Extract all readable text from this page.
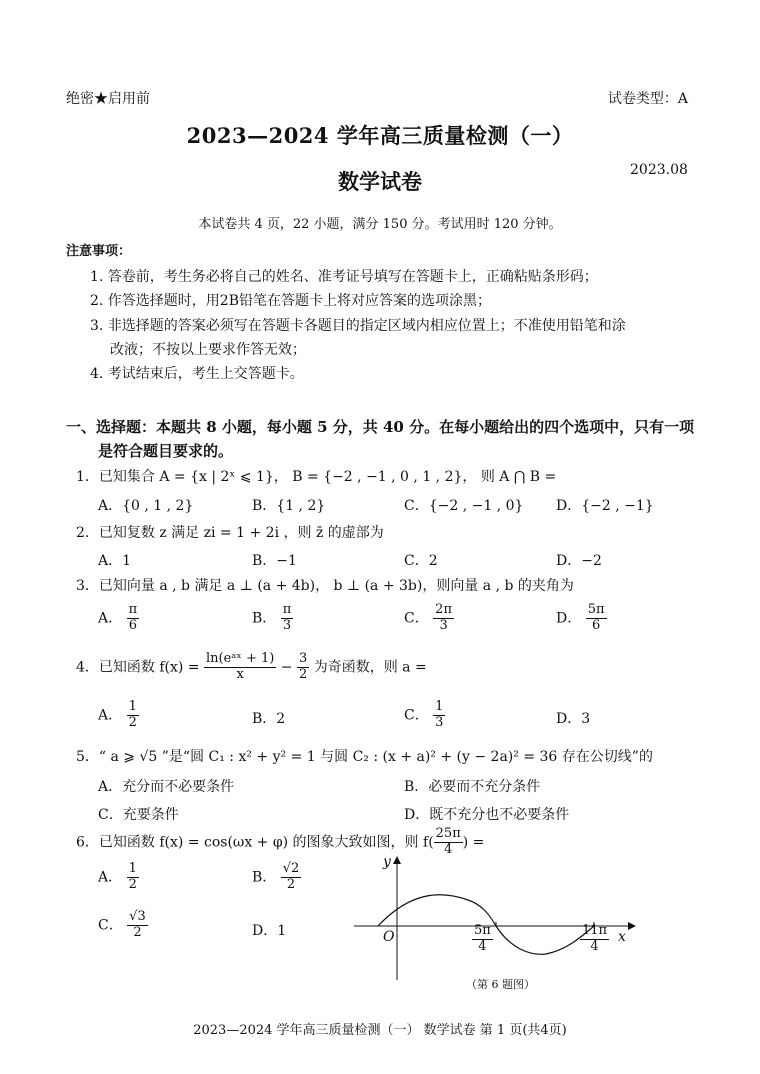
绝密★启用前	试卷类型：A
2023—2024 学年高三质量检测（一）
数学试卷	2023.08
本试卷共 4 页，22 小题，满分 150 分。考试用时 120 分钟。
注意事项：
1. 答卷前，考生务必将自己的姓名、准考证号填写在答题卡上，正确粘贴条形码；
2. 作答选择题时，用2B铅笔在答题卡上将对应答案的选项涂黑；
3. 非选择题的答案必须写在答题卡各题目的指定区域内相应位置上；不准使用铅笔和涂
改液；不按以上要求作答无效；
4. 考试结束后，考生上交答题卡。
一、选择题：本题共 8 小题，每小题 5 分，共 40 分。在每小题给出的四个选项中，只有一项
是符合题目要求的。
1．已知集合 A = {x | 2ˣ ⩽ 1}， B = {−2 , −1 , 0 , 1 , 2}， 则 A ⋂ B =
A．{0 , 1 , 2}	B．{1 , 2}	C．{−2 , −1 , 0} D．{−2 , −1}
2．已知复数 z 满足 zi = 1 + 2i ，则 z̄ 的虚部为
A．1	B．−1	C．2	D．−2
3．已知向量 a , b 满足 a ⊥ (a + 4b)， b ⊥ (a + 3b)，则向量 a , b 的夹角为
A． $\frac{\pi}{6}$	B． $\frac{\pi}{3}$	C． $\frac{2\pi}{3}$	D． $\frac{5\pi}{6}$
4．已知函数 $f(x) = \frac{\text{ln(eᵃˣ + 1)}}{x} - \frac{3}{2}$ 为奇函数，则 a =
A． $\frac{1}{2}$	B．2	C． $\frac{1}{3}$	D．3
5．“ a ⩾ √5 ”是“圆 C₁ : x² + y² = 1 与圆 C₂ : (x + a)² + (y − 2a)² = 36 存在公切线”的
A．充分而不必要条件	B．必要而不充分条件
C．充要条件	D．既不充分也不必要条件
6．已知函数 f(x) = cos(ωx + φ) 的图象大致如图，则 $f( \frac{25\pi}{4}$ ) =
A． $\frac{1}{2}$	B． $\frac{√2}{2}$
C． $\frac{√3}{2}$	D．1
y
x
O	$\frac{5\pi}{4}$	$\frac{11\pi}{4}$
（第 6 题图）
2023—2024 学年高三质量检测（一） 数学试卷 第 1 页(共4页)
